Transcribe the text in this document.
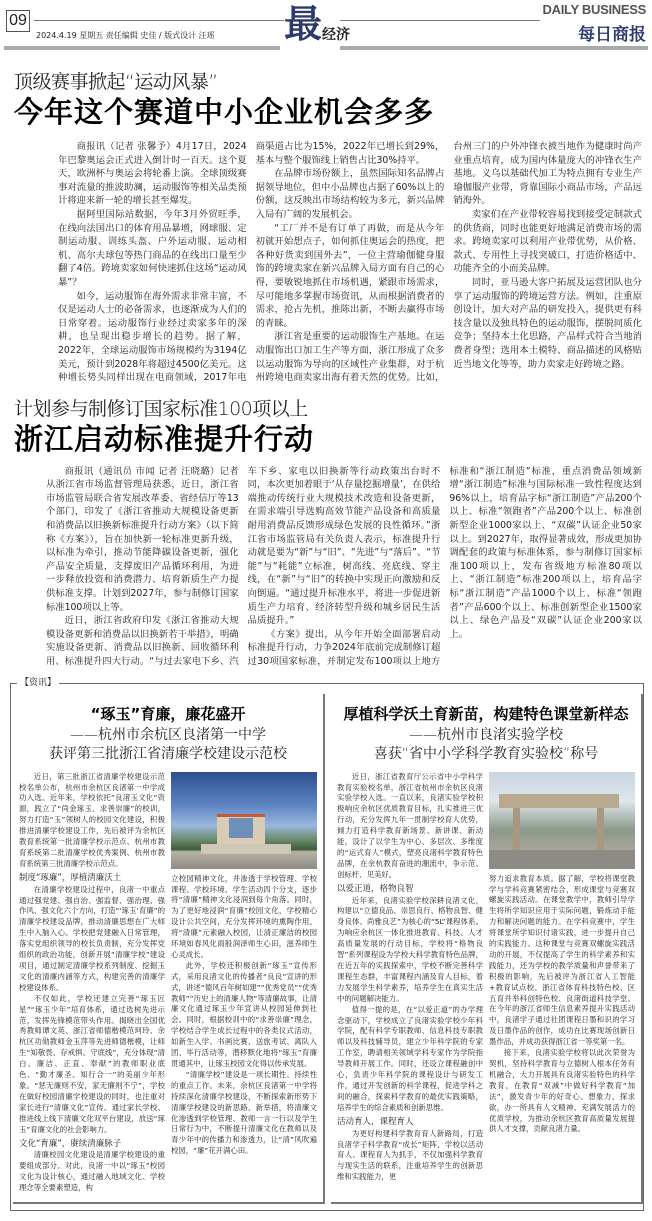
09
2024.4.19 星期五 责任编辑 史佳 / 版式设计 汪瑶 最 经济
DAILY BUSINESS
每日商报
顶级赛事掀起“运动风暴”
今年这个赛道中小企业机会多多

商报讯（记者 张馨予）4月17日，2024年巴黎奥运会正式进入倒计时一百天。这个夏天，欧洲杯与奥运会将轮番上演。全球顶级赛事对流量的推波助澜，运动服饰等相关品类预计将迎来新一轮的增长甚至爆发。

据阿里国际站数据，今年3月外贸旺季，在线向法国出口的体育用品暴增，网球服、定制运动服、训练头盔、户外运动服、运动相机、高尔夫球包等热门商品的在线出口量至少翻了4倍。跨境卖家如何快速抓住这场“运动风暴”？

如今，运动服饰在海外需求非常丰富，不仅是运动人士的必备需求，也逐渐成为人们的日常穿着。运动服饰行业经过卖家多年的深耕，也呈现出稳步增长的趋势。据了解，2022年，全球运动服饰市场规模约为3194亿美元，预计到2028年将超过4500亿美元。这种增长势头同样出现在电商领域，2017年电商渠道占比为15%，2022年已增长到29%，基本与整个服饰线上销售占比30%持平。

在品牌市场份额上，虽然国际知名品牌占据领导地位，但中小品牌也占据了60%以上的份额，这反映出市场结构较为多元，新兴品牌入局有广阔的发展机会。

“工厂并不是有订单了再做，而是从今年初就开始想点子，如何抓住奥运会的热度，把各种好货卖到国外去”，一位主营瑜伽健身服饰的跨境卖家在新兴品牌入局方面有自己的心得，要敏锐地抓住市场机遇，紧跟市场需求，尽可能地多掌握市场资讯，从而根据消费者的需求，抢占先机，推陈出新，不断去赢得市场的青睐。

浙江省是重要的运动服饰生产基地。在运动服饰出口加工生产等方面，浙江形成了众多以运动服饰为导向的区域性产业集群，对于杭州跨境电商卖家出海有着天然的优势。比如，台州三门的户外冲锋衣被当地作为健康时尚产业重点培育，成为国内体量庞大的冲锋衣生产基地。义乌以基础代加工为特点拥有专业生产瑜伽服产业带，背靠国际小商品市场，产品远销海外。

卖家们在产业带较容易找到接受定制款式的供货商，同时也能更好地满足消费市场的需求。跨境卖家可以利用产业带优势，从价格、款式、专用性上寻找突破口，打造价格适中、功能齐全的小而美品牌。

同时，亚马逊大客户拓展及运营团队也分享了运动服饰的跨境运营方法。例如，注重原创设计，加大对产品的研发投入，提供更有科技含量以及独具特色的运动服饰，摆脱同质化竞争；坚持本土化思路，产品样式符合当地消费者身型；选用本土模特、商品描述的风格贴近当地文化等等，助力卖家走好跨境之路。

计划参与制修订国家标准100项以上
浙江启动标准提升行动

商报讯（通讯员 市闻 记者 汪晓璐）记者从浙江省市场监督管理局获悉，近日，浙江省市场监管局联合省发展改革委、省经信厅等13个部门，印发了《浙江省推动大规模设备更新和消费品以旧换新标准提升行动方案》（以下简称《方案》），旨在加快新一轮标准更新升级，以标准为牵引，推动节能降碳设备更新，强化产品安全质量，支撑废旧产品循环利用，为进一步释放投资和消费潜力、培育新质生产力提供标准支撑。计划到2027年，参与制修订国家标准100项以上等。

近日，浙江省政府印发《浙江省推动大规模设备更新和消费品以旧换新若干举措》，明确实施设备更新、消费品以旧换新、回收循环利用、标准提升四大行动。“与过去家电下乡、汽车下乡、家电以旧换新等行动政策出台时不同，本次更加着眼于‘从存量挖掘增量’，在供给端推动传统行业大规模技术改造和设备更新，在需求端引导选购高效节能产品设备和高质量耐用消费品反馈形成绿色发展的良性循环。”浙江省市场监管局有关负责人表示，标准提升行动就是要为“新”与“旧”、“先进”与“落后”、“节能”与“耗能”立标准，树高线、亮底线、穿主线，在“新”与“旧”的转换中实现正向激励和反向倒逼。“通过提升标准水平，将进一步促进新质生产力培育、经济转型升级和城乡居民生活品质提升。”

《方案》提出，从今年开始全面部署启动标准提升行动，力争2024年底前完成制修订超过30项国家标准，并制定发布100项以上地方标准和“浙江制造”标准，重点消费品领域新增“浙江制造”标准与国际标准一致性程度达到96%以上，培育品字标“浙江制造”产品200个以上、标准“领跑者”产品200个以上、标准创新型企业1000家以上、“双碳”认证企业50家以上。到2027年，取得显著成效，形成更加协调配套的政策与标准体系，参与制修订国家标准100项以上，发布省级地方标准80项以上、“浙江制造”标准200项以上，培育品字标“浙江制造”产品1000个以上、标准“领跑者”产品600个以上、标准创新型企业1500家以上、绿色产品及“双碳”认证企业200家以上。

【资讯】
“琢玉”育廉，廉花盛开
——杭州市余杭区良渚第一中学
获评第三批浙江省清廉学校建设示范校

近日，第三批浙江省清廉学校建设示范校名单公布，杭州市余杭区良渚第一中学成功入选。近年来，学校依托“良渚玉文化”资源，践立了“尚金琢玉、求善崇廉”的校训，努力打造“玉”领树人的校园文化建设，积极推进清廉学校建设工作，先后被评为余杭区教育系统第一批清廉学校示范点、杭州市教育系统第二批清廉学校优秀案例、杭州市教育系统第三批清廉学校示范点。

制度“琢廉”，厚植清廉沃土

在清廉学校建设过程中，良渚一中重点通过强党建、强自治、强监督、强治理、强作风、强文化六个方向，打造“‘琢玉’育廉”的清廉学校建设品牌，推动清廉思想在广大师生中入脑入心。学校把党建融入日常管理，落实党组织领导的校长负责制，充分发挥党组织的政治功能，创新开展“清廉学校”建设项目，通过制定清廉学校系列制度、挖掘玉文化的清廉内涵等方式，构建完善的清廉学校建设体系。

不仅如此，学校还建立完善“琢玉匠星”“琢玉少年”培育体系，通过选树先进示范，发挥先锋模范带头作用。揭晓出全国优秀教师谭文英、浙江省师德楷模范珂玲、余杭区功勋教师金玉萍等先进师德楷模，让师生“知敬畏、存戒惧、守底线”，充分体现“清白、廉洁、正直、奉献”的教师职业底色、“勤才廉圣、知行合一”的美丽少年形象。“惩无廉则不安，家无廉则不宁”，学校在做好校园清廉学校建设的同时，也注重对家长进行“清廉文化”宣传。通过家长学校、推进线上线下清廉文化双平台建设，放送“琢玉”育廉文化的社会影响力。

文化“育廉”，赓续清廉脉子

清廉校园文化建设是清廉学校建设的重要组成部分。对此，良渚一中以“琢玉”校园文化为设计核心，通过融入地域文化、学校理念等全要素塑造，构

立校园精神文化，并渗透于学校管理、学校课程、学校环境、学生活动四个分支，逐步将“清廉”精神文化浸润到每个角落。同时，为了更好地浸润“育廉”校园文化，学校精心设计公共空间，充分发挥环境的熏陶作用，将“清廉”元素融入校园，让清正廉洁的校园环境如春风化雨般润泽师生心田，滋养师生心灵成长。

此外，学校还积极创新“琢玉”宣传形式，采用良渚文化的传播者“良良”宣讲的形式，讲述“德风百年树如建”“优秀党员”“优秀教师”“历史上的清廉人物”等清廉故事，让清廉文化通过琢玉少年宣讲从校园延伸到社会。同时，根据校训中的“求善崇廉”理念，学校结合学生成长过程中的各类仪式活动，如新生入学、书画比赛、送旅考试、离队入团、毕行活动等，潜移默化地将“琢玉”育廉贯通其中，让琢玉校园文化得以传承发展。

“清廉学校”建设是一项长期性、持续性的重点工作。未来，余杭区良渚第一中学将持续深化清廉学校建设，不断探索新形势下清廉学校建设的新思路、新举措，将清廉文化渗透到学校管理、教师一言一行以及学生日常行为中，不断提升清廉文化在教师以及青少年中的传播力和渗透力，让“清”风吹遍校园，“廉”花开满心田。

厚植科学沃土育新苗，构建特色课堂新样态
——杭州市良渚实验学校
喜获“省中小学科学教育实验校”称号

近日，浙江省教育厅公示省中小学科学教育实验校名单，浙江省杭州市余杭区良渚实验学校入选。一直以来，良渚实验学校积极响应余杭区优质教育目标，扎实推进三优行动，充分发挥九年一贯制学校育人优势，倾力打造科学教育新场景、新讲课、新动能，设计了以学生为中心、多层次、多维度的“运式育人”模式，塑亮良渚科学教育特色品牌，在余杭教育奋进的潮流中，争示范、创标杆、见美好。

以爱正道，格物良智

近年来，良渚实验学校深耕良渚文化，构建以“立德良品、崇思良行、格物良智、健身良体、尚雅良艺”为核心的“5L”课程体系。为响应余杭区一体化推进教育、科技、人才高质量发展的行动目标，学校将“格物良智”系列课程设为学校大科学教育特色品牌，在近五年的实践探索中，学校不断完善科学课程生态群，丰富课程内涵及育人目标，着力发展学生科学素养，培养学生在真实生活中的问题解决能力。

值得一提的是，在“以爱正道”的办学理念驱动下，学校成立了良渚实验学校少年科学院，配有科学专职教师、信息科技专职教师以及科技辅导员，建立少年科学院的专家工作室，聘请相关领域学科专家作为学院指导教师开展工作。同时，还设立课程融创中心，负责少年科学院的课程设计与研发工作，通过开发创新的科学课程，促进学科之间的融合，探索科学教育的最优实践策略，培养学生的综合素质和创新思维。

活动育人，课程育人

为更好构建科学教育育人新路局，打造良渚学子科学教育“成长”矩阵，学校以活动育人、课程育人为抓手，不仅加强科学教育与现实生活的联系，注重培养学生的创新思维和实践能力，更

努力追求教育本质。据了解，学校将课堂教学与学科竞赛紧密结合，形成课堂与竞赛双螺旋实践活动。在课堂教学中，教师引导学生将所学知识应用于实际问题，锻炼动手能力和解决问题的能力。在学科竞赛中，学生将课堂所学知识付诸实践，进一步提升自己的实践能力。这种课堂与竞赛双螺旋实践活动的开展，不仅提高了学生的科学素养和实践能力，还为学校的教学质量和声誉带来了积极的影响，先后被评为浙江省人工智能+教育试点校、浙江省体育科技特色校、区五育并举科创特色校、良渚街道科技学堂。在今年的浙江省师生信息素养提升实践活动中，良渚学子通过社团课程日墨和识的学习及日墨作品的创作，成功在比赛现场创新日墨作品，并成功获得浙江省一等奖第一名。

接下来，良渚实验学校将以此次荣誉为契机，坚持科学教育与立德树人根本任务有机融合，大力开展具有良渚实验特色的科学教育，在教育“双减”中做好科学教育“加法”，激发青少年的好奇心、想象力、探求欲，办一所具有人文精神、充满发展活力的优质学校，为推动余杭区教育高质量发展提供人才支撑，贡献良渚力量。
